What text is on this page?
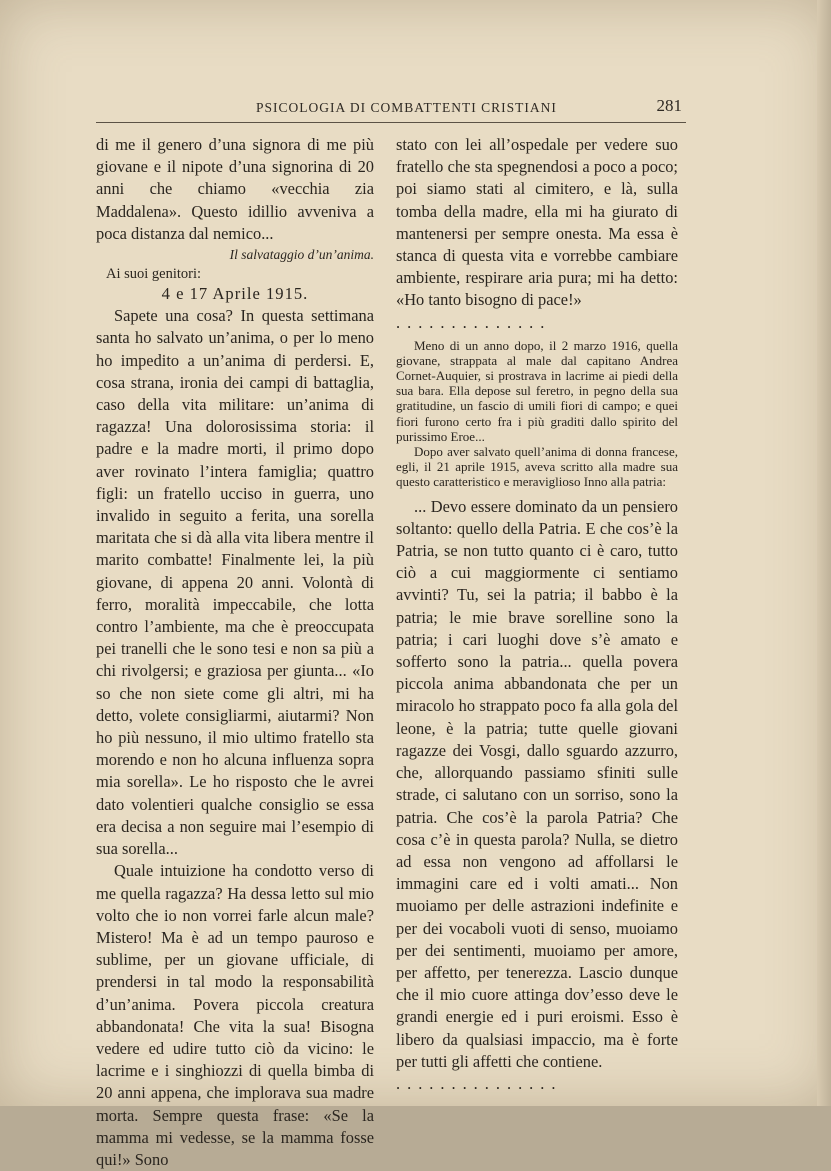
PSICOLOGIA DI COMBATTENTI CRISTIANI	281

di me il genero d’una signora di me più giovane e il nipote d’una signorina di 20 anni che chiamo «vecchia zia Maddalena». Questo idillio avveniva a poca distanza dal nemico...

Il salvataggio d’un’anima.

Ai suoi genitori:

4 e 17 Aprile 1915.

Sapete una cosa? In questa settimana santa ho salvato un’anima, o per lo meno ho impedito a un’anima di perdersi. E, cosa strana, ironia dei campi di battaglia, caso della vita militare: un’anima di ragazza! Una dolorosissima storia: il padre e la madre morti, il primo dopo aver rovinato l’intera famiglia; quattro figli: un fratello ucciso in guerra, uno invalido in seguito a ferita, una sorella maritata che si dà alla vita libera mentre il marito combatte! Finalmente lei, la più giovane, di appena 20 anni. Volontà di ferro, moralità impeccabile, che lotta contro l’ambiente, ma che è preoccupata pei tranelli che le sono tesi e non sa più a chi rivolgersi; e graziosa per giunta... «Io so che non siete come gli altri, mi ha detto, volete consigliarmi, aiutarmi? Non ho più nessuno, il mio ultimo fratello sta morendo e non ho alcuna influenza sopra mia sorella». Le ho risposto che le avrei dato volentieri qualche consiglio se essa era decisa a non seguire mai l’esempio di sua sorella...

Quale intuizione ha condotto verso di me quella ragazza? Ha dessa letto sul mio volto che io non vorrei farle alcun male? Mistero! Ma è ad un tempo pauroso e sublime, per un giovane ufficiale, di prendersi in tal modo la responsabilità d’un’anima. Povera piccola creatura abbandonata! Che vita la sua! Bisogna vedere ed udire tutto ciò da vicino: le lacrime e i singhiozzi di quella bimba di 20 anni appena, che implorava sua madre morta. Sempre questa frase: «Se la mamma mi vedesse, se la mamma fosse qui!» Sono

stato con lei all’ospedale per vedere suo fratello che sta spegnendosi a poco a poco; poi siamo stati al cimitero, e là, sulla tomba della madre, ella mi ha giurato di mantenersi per sempre onesta. Ma essa è stanca di questa vita e vorrebbe cambiare ambiente, respirare aria pura; mi ha detto: «Ho tanto bisogno di pace!»

..............

Meno di un anno dopo, il 2 marzo 1916, quella giovane, strappata al male dal capitano Andrea Cornet-Auquier, si prostrava in lacrime ai piedi della sua bara. Ella depose sul feretro, in pegno della sua gratitudine, un fascio di umili fiori di campo; e quei fiori furono certo fra i più graditi dallo spirito del purissimo Eroe...

Dopo aver salvato quell’anima di donna francese, egli, il 21 aprile 1915, aveva scritto alla madre sua questo caratteristico e meraviglioso Inno alla patria:

... Devo essere dominato da un pensiero soltanto: quello della Patria. E che cos’è la Patria, se non tutto quanto ci è caro, tutto ciò a cui maggiormente ci sentiamo avvinti? Tu, sei la patria; il babbo è la patria; le mie brave sorelline sono la patria; i cari luoghi dove s’è amato e sofferto sono la patria... quella povera piccola anima abbandonata che per un miracolo ho strappato poco fa alla gola del leone, è la patria; tutte quelle giovani ragazze dei Vosgi, dallo sguardo azzurro, che, allorquando passiamo sfiniti sulle strade, ci salutano con un sorriso, sono la patria. Che cos’è la parola Patria? Che cosa c’è in questa parola? Nulla, se dietro ad essa non vengono ad affollarsi le immagini care ed i volti amati... Non muoiamo per delle astrazioni indefinite e per dei vocaboli vuoti di senso, muoiamo per dei sentimenti, muoiamo per amore, per affetto, per tenerezza. Lascio dunque che il mio cuore attinga dov’esso deve le grandi energie ed i puri eroismi. Esso è libero da qualsiasi impaccio, ma è forte per tutti gli affetti che contiene.

...............
